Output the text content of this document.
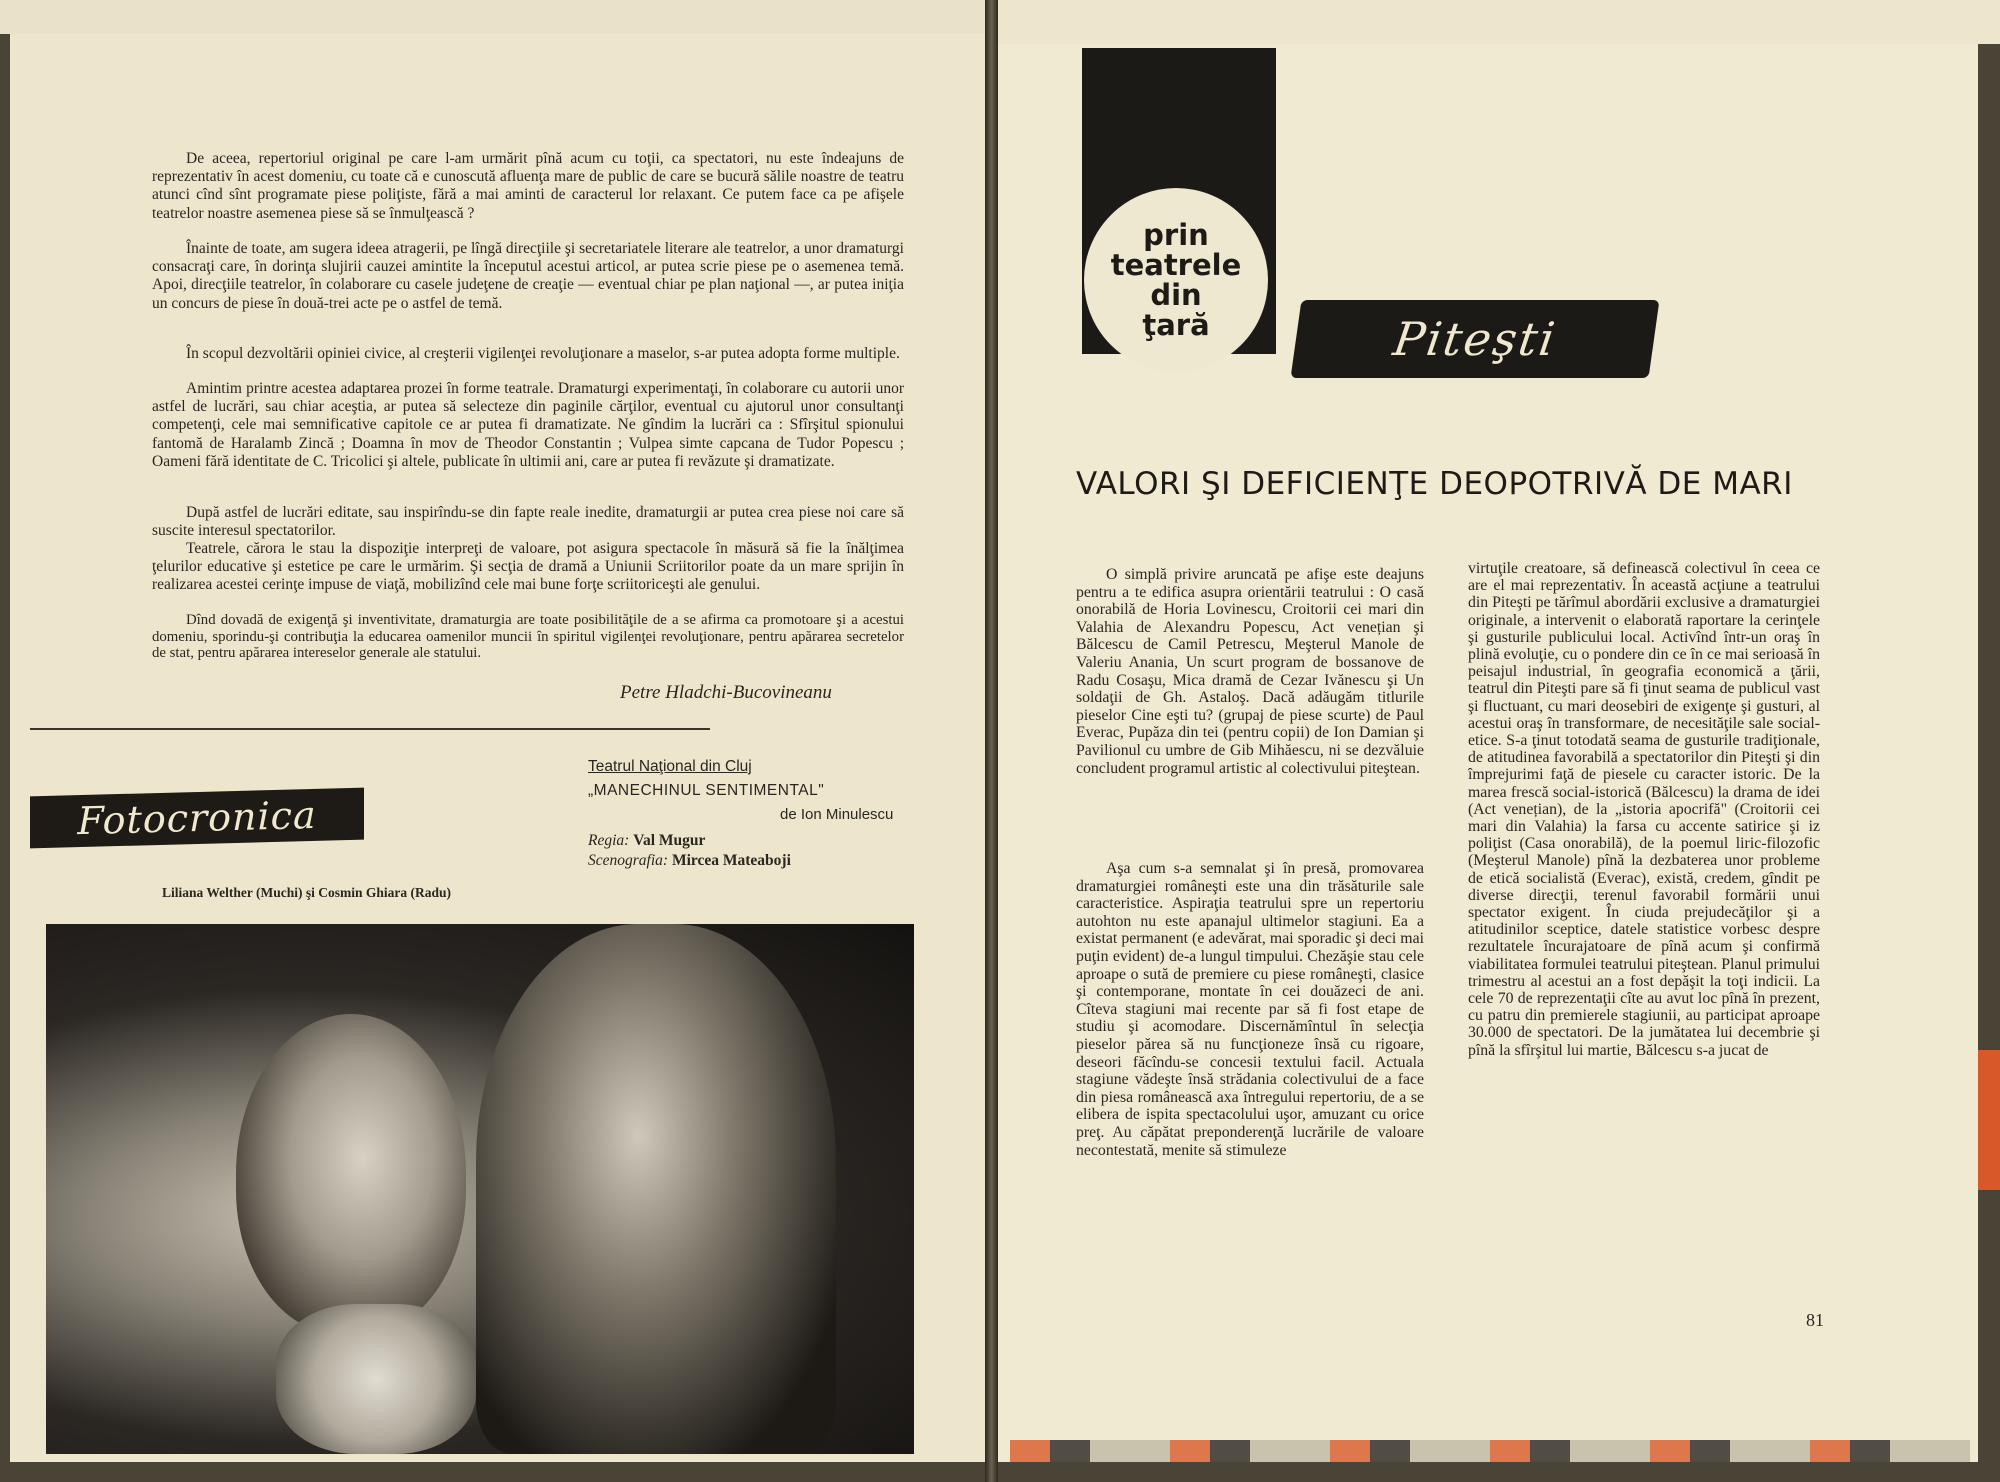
De aceea, repertoriul original pe care l-am urmărit pînă acum cu toţii, ca spectatori, nu este îndeajuns de reprezentativ în acest domeniu, cu toate că e cunoscută afluenţa mare de public de care se bucură sălile noastre de teatru atunci cînd sînt programate piese poliţiste, fără a mai aminti de caracterul lor relaxant. Ce putem face ca pe afişele teatrelor noastre asemenea piese să se înmulţească ?

Înainte de toate, am sugera ideea atragerii, pe lîngă direcţiile şi secretariatele literare ale teatrelor, a unor dramaturgi consacraţi care, în dorinţa slujirii cauzei amintite la începutul acestui articol, ar putea scrie piese pe o asemenea temă. Apoi, direcţiile teatrelor, în colaborare cu casele judeţene de creaţie — eventual chiar pe plan naţional —, ar putea iniţia un concurs de piese în două-trei acte pe o astfel de temă.

În scopul dezvoltării opiniei civice, al creşterii vigilenţei revoluţionare a maselor, s-ar putea adopta forme multiple.

Amintim printre acestea adaptarea prozei în forme teatrale. Dramaturgi experimentaţi, în colaborare cu autorii unor astfel de lucrări, sau chiar aceştia, ar putea să selecteze din paginile cărţilor, eventual cu ajutorul unor consultanţi competenţi, cele mai semnificative capitole ce ar putea fi dramatizate. Ne gîndim la lucrări ca : Sfîrşitul spionului fantomă de Haralamb Zincă ; Doamna în mov de Theodor Constantin ; Vulpea simte capcana de Tudor Popescu ; Oameni fără identitate de C. Tricolici şi altele, publicate în ultimii ani, care ar putea fi revăzute şi dramatizate.

După astfel de lucrări editate, sau inspirîndu-se din fapte reale inedite, dramaturgii ar putea crea piese noi care să suscite interesul spectatorilor.

Teatrele, cărora le stau la dispoziţie interpreţi de valoare, pot asigura spectacole în măsură să fie la înălţimea ţelurilor educative şi estetice pe care le urmărim. Şi secţia de dramă a Uniunii Scriitorilor poate da un mare sprijin în realizarea acestei cerinţe impuse de viaţă, mobilizînd cele mai bune forţe scriitoriceşti ale genului.

Dînd dovadă de exigenţă şi inventivitate, dramaturgia are toate posibilităţile de a se afirma ca promotoare şi a acestui domeniu, sporindu-şi contribuţia la educarea oamenilor muncii în spiritul vigilenţei revoluţionare, pentru apărarea secretelor de stat, pentru apărarea intereselor generale ale statului.

Petre Hladchi-Bucovineanu
Teatrul Naţional din Cluj
„MANECHINUL SENTIMENTAL"
de Ion Minulescu
Regia: Val Mugur
Scenografia: Mircea Mateaboji
Fotocronica
Liliana Welther (Muchi) şi Cosmin Ghiara (Radu)
prin
teatrele
din
ţară	Piteşti
VALORI ŞI DEFICIENŢE DEOPOTRIVĂ DE MARI

O simplă privire aruncată pe afişe este deajuns pentru a te edifica asupra orientării teatrului : O casă onorabilă de Horia Lovinescu, Croitorii cei mari din Valahia de Alexandru Popescu, Act venețian şi Bălcescu de Camil Petrescu, Meşterul Manole de Valeriu Anania, Un scurt program de bossanove de Radu Cosaşu, Mica dramă de Cezar Ivănescu şi Un soldaţii de Gh. Astaloş. Dacă adăugăm titlurile pieselor Cine eşti tu? (grupaj de piese scurte) de Paul Everac, Pupăza din tei (pentru copii) de Ion Damian şi Pavilionul cu umbre de Gib Mihăescu, ni se dezvăluie concludent programul artistic al colectivului piteştean.

Aşa cum s-a semnalat şi în presă, promovarea dramaturgiei româneşti este una din trăsăturile sale caracteristice. Aspiraţia teatrului spre un repertoriu autohton nu este apanajul ultimelor stagiuni. Ea a existat permanent (e adevărat, mai sporadic şi deci mai puţin evident) de-a lungul timpului. Chezăşie stau cele aproape o sută de premiere cu piese româneşti, clasice şi contemporane, montate în cei douăzeci de ani. Cîteva stagiuni mai recente par să fi fost etape de studiu şi acomodare. Discernămîntul în selecţia pieselor părea să nu funcţioneze însă cu rigoare, deseori făcîndu-se concesii textului facil. Actuala stagiune vădeşte însă strădania colectivului de a face din piesa românească axa întregului repertoriu, de a se elibera de ispita spectacolului uşor, amuzant cu orice preţ. Au căpătat preponderenţă lucrările de valoare necontestată, menite să stimuleze

virtuţile creatoare, să definească colectivul în ceea ce are el mai reprezentativ. În această acţiune a teatrului din Piteşti pe tărîmul abordării exclusive a dramaturgiei originale, a intervenit o elaborată raportare la cerinţele şi gusturile publicului local. Activînd într-un oraş în plină evoluţie, cu o pondere din ce în ce mai serioasă în peisajul industrial, în geografia economică a ţării, teatrul din Piteşti pare să fi ţinut seama de publicul vast şi fluctuant, cu mari deosebiri de exigenţe şi gusturi, al acestui oraş în transformare, de necesităţile sale social-etice. S-a ţinut totodată seama de gusturile tradiţionale, de atitudinea favorabilă a spectatorilor din Piteşti şi din împrejurimi faţă de piesele cu caracter istoric. De la marea frescă social-istorică (Bălcescu) la drama de idei (Act venețian), de la „istoria apocrifă" (Croitorii cei mari din Valahia) la farsa cu accente satirice şi iz poliţist (Casa onorabilă), de la poemul liric-filozofic (Meşterul Manole) pînă la dezbaterea unor probleme de etică socialistă (Everac), există, credem, gîndit pe diverse direcţii, terenul favorabil formării unui spectator exigent. În ciuda prejudecăţilor şi a atitudinilor sceptice, datele statistice vorbesc despre rezultatele încurajatoare de pînă acum şi confirmă viabilitatea formulei teatrului piteştean. Planul primului trimestru al acestui an a fost depăşit la toţi indicii. La cele 70 de reprezentaţii cîte au avut loc pînă în prezent, cu patru din premierele stagiunii, au participat aproape 30.000 de spectatori. De la jumătatea lui decembrie şi pînă la sfîrşitul lui martie, Bălcescu s-a jucat de

81
